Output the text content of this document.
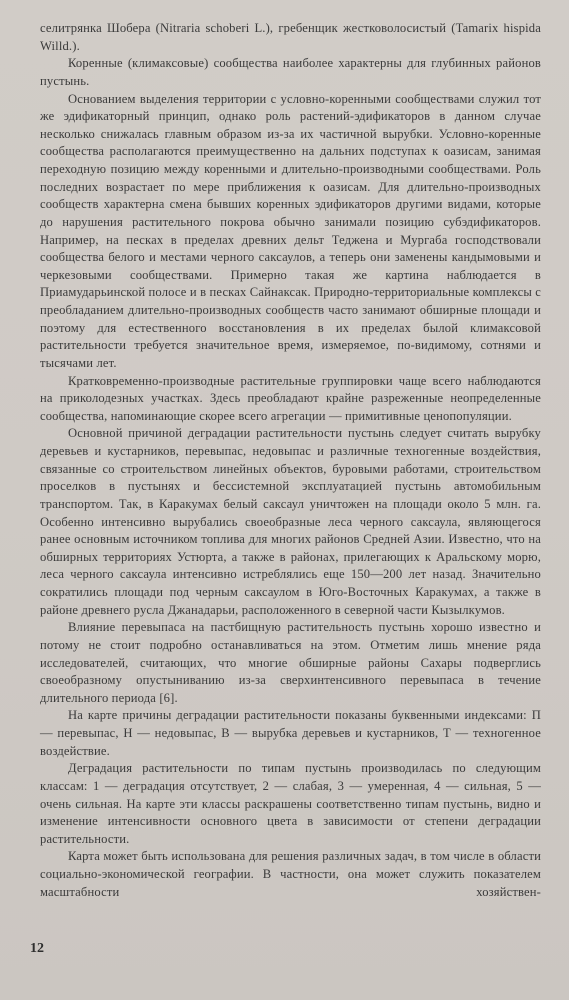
селитрянка Шобера (Nitraria schoberi L.), гребенщик жестковолосистый (Tamarix hispida Willd.).

Коренные (климаксовые) сообщества наиболее характерны для глубинных районов пустынь.

Основанием выделения территории с условно-коренными сообществами служил тот же эдификаторный принцип, однако роль растений-эдификаторов в данном случае несколько снижалась главным образом из-за их частичной вырубки. Условно-коренные сообщества располагаются преимущественно на дальних подступах к оазисам, занимая переходную позицию между коренными и длительно-производными сообществами. Роль последних возрастает по мере приближения к оазисам. Для длительно-производных сообществ характерна смена бывших коренных эдификаторов другими видами, которые до нарушения растительного покрова обычно занимали позицию субэдификаторов. Например, на песках в пределах древних дельт Теджена и Мургаба господствовали сообщества белого и местами черного саксаулов, а теперь они заменены кандымовыми и черкезовыми сообществами. Примерно такая же картина наблюдается в Приамударьинской полосе и в песках Сайнаксак. Природно-территориальные комплексы с преобладанием длительно-производных сообществ часто занимают обширные площади и поэтому для естественного восстановления в их пределах былой климаксовой растительности требуется значительное время, измеряемое, по-видимому, сотнями и тысячами лет.

Кратковременно-производные растительные группировки чаще всего наблюдаются на приколодезных участках. Здесь преобладают крайне разреженные неопределенные сообщества, напоминающие скорее всего агрегации — примитивные ценопопуляции.

Основной причиной деградации растительности пустынь следует считать вырубку деревьев и кустарников, перевыпас, недовыпас и различные техногенные воздействия, связанные со строительством линейных объектов, буровыми работами, строительством проселков в пустынях и бессистемной эксплуатацией пустынь автомобильным транспортом. Так, в Каракумах белый саксаул уничтожен на площади около 5 млн. га. Особенно интенсивно вырубались своеобразные леса черного саксаула, являющегося ранее основным источником топлива для многих районов Средней Азии. Известно, что на обширных территориях Устюрта, а также в районах, прилегающих к Аральскому морю, леса черного саксаула интенсивно истреблялись еще 150—200 лет назад. Значительно сократились площади под черным саксаулом в Юго-Восточных Каракумах, а также в районе древнего русла Джанадарьи, расположенного в северной части Кызылкумов.

Влияние перевыпаса на пастбищную растительность пустынь хорошо известно и потому не стоит подробно останавливаться на этом. Отметим лишь мнение ряда исследователей, считающих, что многие обширные районы Сахары подверглись своеобразному опустыниванию из-за сверхинтенсивного перевыпаса в течение длительного периода [6].

На карте причины деградации растительности показаны буквенными индексами: П — перевыпас, Н — недовыпас, В — вырубка деревьев и кустарников, Т — техногенное воздействие.

Деградация растительности по типам пустынь производилась по следующим классам: 1 — деградация отсутствует, 2 — слабая, 3 — умеренная, 4 — сильная, 5 — очень сильная. На карте эти классы раскрашены соответственно типам пустынь, видно и изменение интенсивности основного цвета в зависимости от степени деградации растительности.

Карта может быть использована для решения различных задач, в том числе в области социально-экономической географии. В частности, она может служить показателем масштабности хозяйствен-

12
